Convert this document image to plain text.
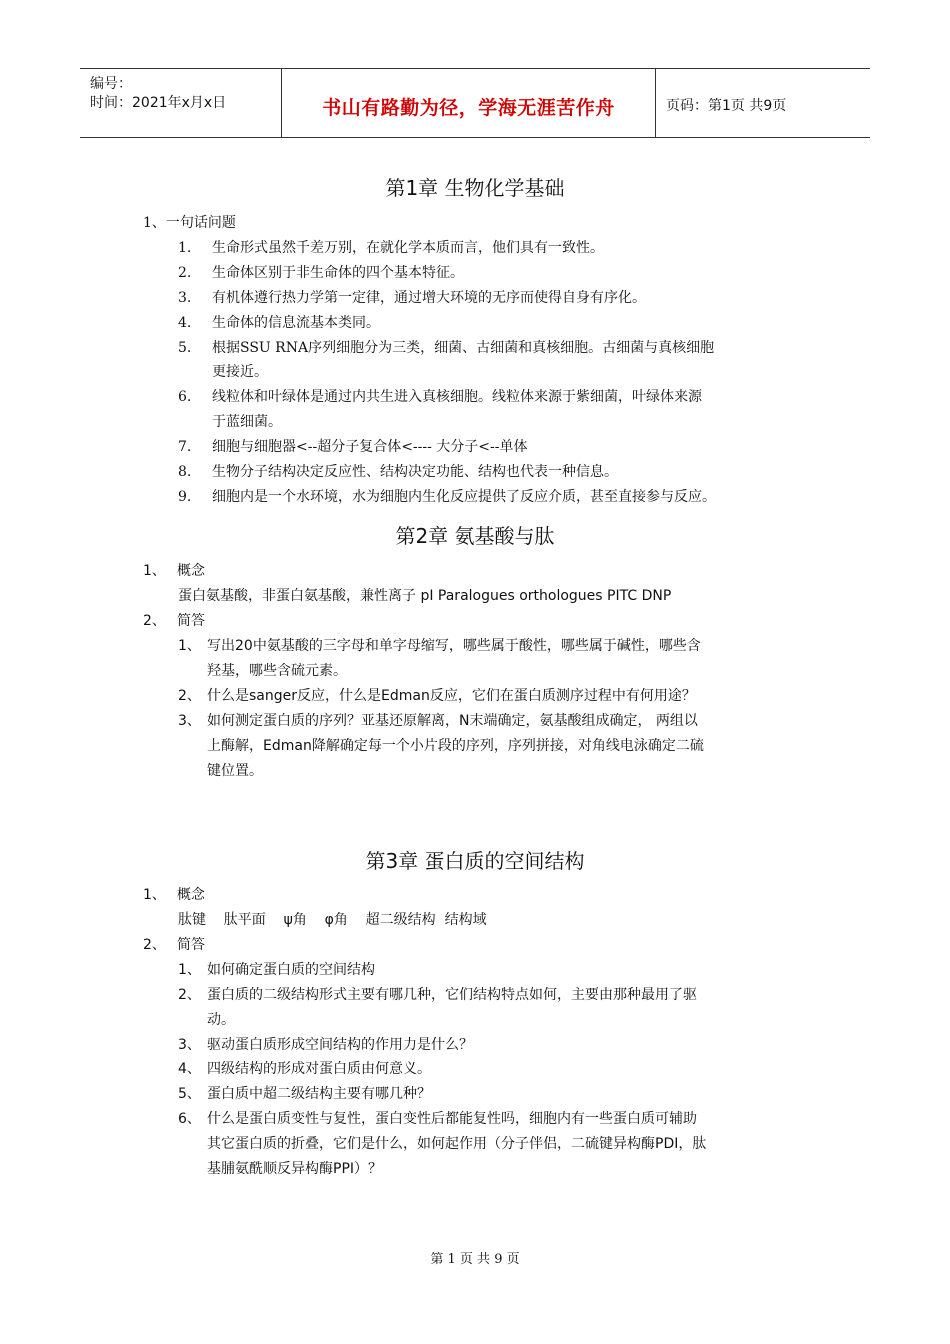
编号：
时间：2021年x月x日	书山有路勤为径，学海无涯苦作舟	页码：第1页 共9页
第1章 生物化学基础
1、一句话问题
1. 生命形式虽然千差万别，在就化学本质而言，他们具有一致性。
2. 生命体区别于非生命体的四个基本特征。
3. 有机体遵行热力学第一定律，通过增大环境的无序而使得自身有序化。
4. 生命体的信息流基本类同。
5. 根据SSU RNA序列细胞分为三类，细菌、古细菌和真核细胞。古细菌与真核细胞
更接近。
6. 线粒体和叶绿体是通过内共生进入真核细胞。线粒体来源于紫细菌，叶绿体来源
于蓝细菌。
7. 细胞与细胞器<--超分子复合体<---- 大分子<--单体
8. 生物分子结构决定反应性、结构决定功能、结构也代表一种信息。
9. 细胞内是一个水环境，水为细胞内生化反应提供了反应介质，甚至直接参与反应。
第2章 氨基酸与肽
1、 概念
蛋白氨基酸，非蛋白氨基酸，兼性离子 pI Paralogues orthologues PITC DNP
2、 简答
1、 写出20中氨基酸的三字母和单字母缩写，哪些属于酸性，哪些属于碱性，哪些含
羟基，哪些含硫元素。
2、 什么是sanger反应，什么是Edman反应，它们在蛋白质测序过程中有何用途？
3、 如何测定蛋白质的序列？亚基还原解离，N末端确定，氨基酸组成确定， 两组以
上酶解，Edman降解确定每一个小片段的序列，序列拼接，对角线电泳确定二硫
键位置。
第3章 蛋白质的空间结构
1、 概念
肽键    肽平面    ψ角    φ角    超二级结构  结构域
2、 简答
1、 如何确定蛋白质的空间结构
2、 蛋白质的二级结构形式主要有哪几种，它们结构特点如何，主要由那种最用了驱
动。
3、 驱动蛋白质形成空间结构的作用力是什么？
4、 四级结构的形成对蛋白质由何意义。
5、 蛋白质中超二级结构主要有哪几种？
6、 什么是蛋白质变性与复性，蛋白变性后都能复性吗，细胞内有一些蛋白质可辅助
其它蛋白质的折叠，它们是什么，如何起作用（分子伴侣，二硫键异构酶PDI，肽
基脯氨酰顺反异构酶PPI）？
第 1 页 共 9 页
